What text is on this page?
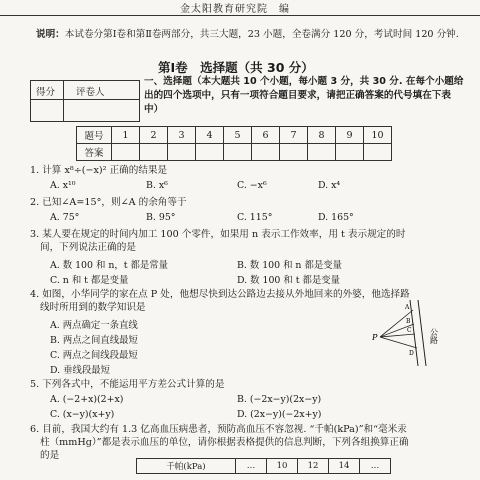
金太阳教育研究院　编
说明：本试卷分第Ⅰ卷和第Ⅱ卷两部分，共三大题，23 小题，全卷满分 120 分，考试时间 120 分钟.
第Ⅰ卷　选择题（共 30 分）
得分 评卷人
一、选择题（本大题共 10 个小题，每小题 3 分，共 30 分. 在每个小题给出的四个选项中，只有一项符合题目要求，请把正确答案的代号填在下表中）
题号	1	2	3	4	5	6	7	8	9	10
答案										
1. 计算 x⁸÷(−x)² 正确的结果是
A. x¹⁰	B. x⁶	C. −x⁶	D. x⁴
2. 已知∠A=15°，则∠A 的余角等于
A. 75°	B. 95°	C. 115°	D. 165°
3. 某人要在规定的时间内加工 100 个零件，如果用 n 表示工作效率，用 t 表示规定的时
间，下列说法正确的是
A. 数 100 和 n，t 都是常量	B. 数 100 和 n 都是变量
C. n 和 t 都是变量	D. 数 100 和 t 都是变量
4. 如图，小华同学的家在点 P 处，他想尽快到达公路边去接从外地回来的外婆，他选择路
线时所用到的数学知识是
A. 两点确定一条直线
B. 两点之间直线最短
C. 两点之间线段最短
D. 垂线段最短
P
A
B
C
D
公路
5. 下列各式中，不能运用平方差公式计算的是
A. (−2+x)(2+x)	B. (−2x−y)(2x−y)
C. (x−y)(x+y)	D. (2x−y)(−2x+y)
6. 目前，我国大约有 1.3 亿高血压病患者，预防高血压不容忽视. “千帕(kPa)”和“毫米汞
柱（mmHg）”都是表示血压的单位，请你根据表格提供的信息判断，下列各组换算正确
的是
千帕(kPa)	…	10	12	14	…
